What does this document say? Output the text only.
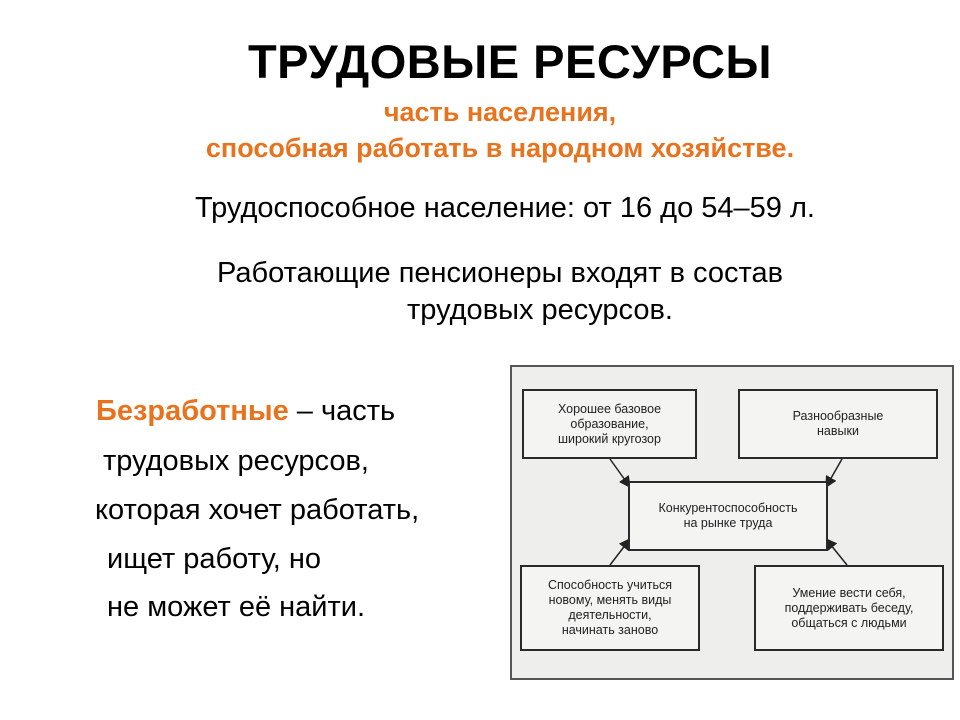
ТРУДОВЫЕ РЕСУРСЫ
часть населения,
способная работать в народном хозяйстве.
Трудоспособное население: от 16 до 54–59 л.
Работающие пенсионеры входят в состав
трудовых ресурсов.
Безработные – часть
трудовых ресурсов,
которая хочет работать,
ищет работу, но
не может её найти.
Хорошее базовое
образование,
широкий кругозор
Разнообразные
навыки
Конкурентоспособность
на рынке труда
Способность учиться
новому, менять виды
деятельности,
начинать заново
Умение вести себя,
поддерживать беседу,
общаться с людьми
